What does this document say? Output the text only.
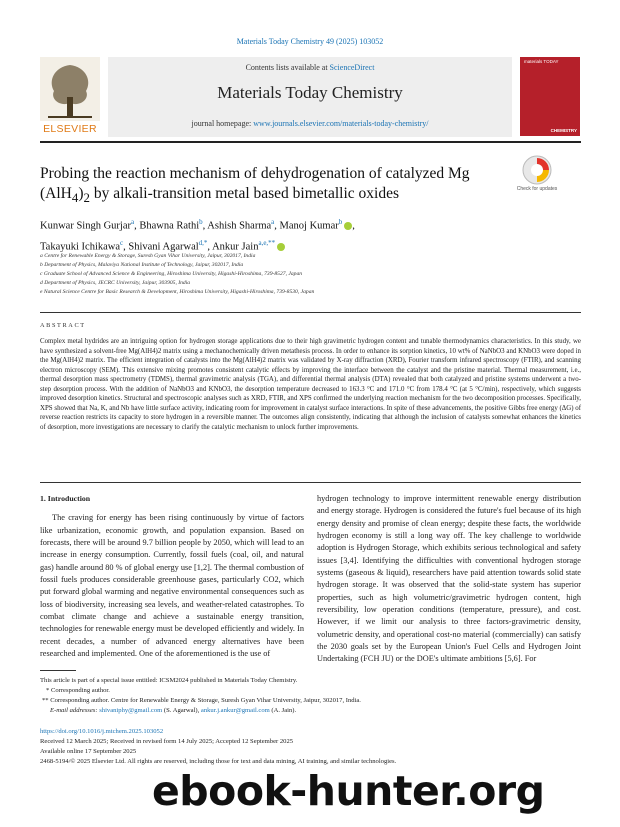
Materials Today Chemistry 49 (2025) 103052
ELSEVIER
Contents lists available at ScienceDirect
Materials Today Chemistry
journal homepage: www.journals.elsevier.com/materials-today-chemistry/
materials TODAY
CHEMISTRY
Probing the reaction mechanism of dehydrogenation of catalyzed Mg
$(AlH_4)_2$ by alkali-transition metal based bimetallic oxides	Check for updates
Kunwar Singh Gurjar$^a$, Bhawna Rathi$^b$, Ashish Sharma$^a$, Manoj Kumar$^b$ ,
Takayuki Ichikawa$^c$, Shivani Agarwal$^{d,*}$, Ankur Jain$^{a,e,**}$
a Centre for Renewable Energy & Storage, Suresh Gyan Vihar University, Jaipur, 302017, India
b Department of Physics, Malaviya National Institute of Technology, Jaipur, 302017, India
c Graduate School of Advanced Science & Engineering, Hiroshima University, Higashi-Hiroshima, 739-8527, Japan
d Department of Physics, JECRC University, Jaipur, 303905, India
e Natural Science Centre for Basic Research & Development, Hiroshima University, Higashi-Hiroshima, 739-8530, Japan
ABSTRACT
Complex metal hydrides are an intriguing option for hydrogen storage applications due to their high gravimetric hydrogen content and tunable thermodynamics characteristics. In this study, we have synthesized a solvent-free Mg(AlH4)2 matrix using a mechanochemically driven metathesis process. In order to enhance its sorption kinetics, 10 wt% of NaNbO3 and KNbO3 were doped in the Mg(AlH4)2 matrix. The efficient integration of catalysts into the Mg(AlH4)2 matrix was validated by X-ray diffraction (XRD), Fourier transform infrared spectroscopy (FTIR), and scanning electron microscopy (SEM). This extensive mixing promotes consistent catalytic effects by improving the interface between the catalyst and the pristine material. Thermal measurement, i.e., thermal desorption mass spectrometry (TDMS), thermal gravimetric analysis (TGA), and differential thermal analysis (DTA) revealed that both catalyzed and pristine systems underwent a two-step desorption process. With the addition of NaNbO3 and KNbO3, the desorption temperature decreased to 163.3 °C and 171.0 °C from 178.4 °C (at 5 °C/min), respectively, which suggests improved desorption kinetics. Structural and spectroscopic analyses such as XRD, FTIR, and XPS confirmed the underlying reaction mechanism for the two decomposition processes. Specifically, XPS showed that Na, K, and Nb have little surface activity, indicating room for improvement in catalyst surface interactions. In spite of these advancements, the positive Gibbs free energy (ΔG) of reverse reaction restricts its capacity to store hydrogen in a reversible manner. The outcomes align consistently, indicating that although the inclusion of catalysts somewhat enhances the kinetics of desorption, more investigations are necessary to clarify the catalytic mechanism to unlock further improvements.
1. Introduction

The craving for energy has been rising continuously by virtue of factors like urbanization, economic growth, and population expansion. Based on forecasts, there will be around 9.7 billion people by 2050, which will lead to an increase in energy consumption. Currently, fossil fuels (coal, oil, and natural gas) handle around 80 % of global energy use [1,2]. The thermal combustion of fossil fuels produces considerable greenhouse gases, particularly CO2, which put forward global warming and negative environmental consequences such as loss of biodiversity, increasing sea levels, and weather-related catastrophes. To combat climate change and achieve a sustainable energy transition, technologies for renewable energy must be developed efficiently and widely. In recent decades, a number of advanced energy alternatives have been researched and implemented. One of the aforementioned is the use of

hydrogen technology to improve intermittent renewable energy distribution and energy storage. Hydrogen is considered the future's fuel because of its high energy density and promise of clean energy; despite these facts, the worldwide hydrogen economy is still a long way off. The key challenge to worldwide adoption is Hydrogen Storage, which exhibits serious technological and safety issues [3,4]. Identifying the difficulties with conventional hydrogen storage systems (gaseous & liquid), researchers have paid attention towards solid state hydrogen storage. It was observed that the solid-state system has superior properties, such as high volumetric/gravimetric hydrogen content, high reversibility, low operation conditions (temperature, pressure), and cost. However, if we limit our analysis to three factors-gravimetric density, volumetric density, and operational cost-no material (commercially) can satisfy the 2030 goals set by the European Union's Fuel Cells and Hydrogen Joint Undertaking (FCH JU) or the DOE's ultimate ambitions [5,6]. For

This article is part of a special issue entitled: ICSM2024 published in Materials Today Chemistry.
* Corresponding author.
** Corresponding author. Centre for Renewable Energy & Storage, Suresh Gyan Vihar University, Jaipur, 302017, India.
E-mail addresses: shivaniphy@gmail.com (S. Agarwal), ankur.j.ankur@gmail.com (A. Jain).
https://doi.org/10.1016/j.mtchem.2025.103052
Received 12 March 2025; Received in revised form 14 July 2025; Accepted 12 September 2025
Available online 17 September 2025
2468-5194/© 2025 Elsevier Ltd. All rights are reserved, including those for text and data mining, AI training, and similar technologies.
ebook-hunter.org
